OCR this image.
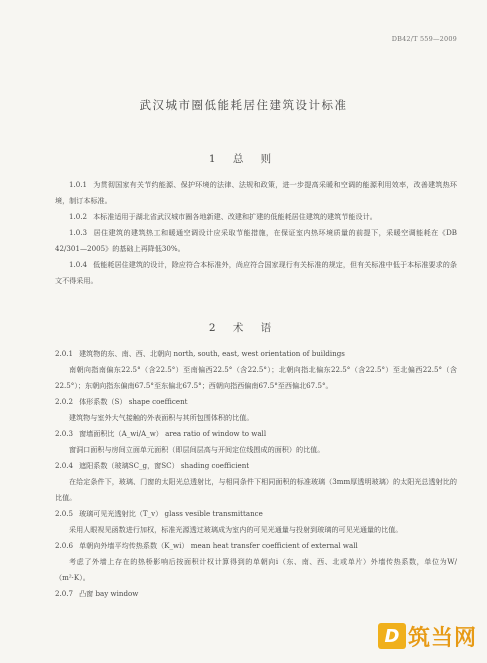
DB42/T 559—2009
武汉城市圈低能耗居住建筑设计标准
1 总 则

1.0.1 为贯彻国家有关节约能源、保护环境的法律、法规和政策，进一步提高采暖和空调的能源利用效率，改善建筑热环境，制订本标准。

1.0.2 本标准适用于湖北省武汉城市圈各地新建、改建和扩建的低能耗居住建筑的建筑节能设计。

1.0.3 居住建筑的建筑热工和暖通空调设计应采取节能措施，在保证室内热环境质量的前提下，采暖空调能耗在《DB 42/301—2005》的基础上再降低30%。

1.0.4 低能耗居住建筑的设计，除应符合本标准外，尚应符合国家现行有关标准的规定，但有关标准中低于本标准要求的条文不得采用。

2 术 语

2.0.1 建筑物的东、南、西、北朝向 north, south, east, west orientation of buildings

南朝向指南偏东22.5°（含22.5°）至南偏西22.5°（含22.5°）；北朝向指北偏东22.5°（含22.5°）至北偏西22.5°（含22.5°）；东朝向指东偏南67.5°至东偏北67.5°；西朝向指西偏南67.5°至西偏北67.5°。

2.0.2 体形系数（S） shape coefficent

建筑物与室外大气接触的外表面积与其所包围体积的比值。

2.0.3 窗墙面积比（A_wi/A_w） area ratio of window to wall

窗洞口面积与房间立面单元面积（即层间层高与开间定位线围成的面积）的比值。

2.0.4 遮阳系数（玻璃SC_g，窗SC） shading coefficient

在给定条件下，玻璃、门窗的太阳光总透射比，与相同条件下相同面积的标准玻璃（3mm厚透明玻璃）的太阳光总透射比的比值。

2.0.5 玻璃可见光透射比（T_v） glass vesible transmittance

采用人眼视见函数进行加权，标准光源透过玻璃成为室内的可见光通量与投射到玻璃的可见光通量的比值。

2.0.6 单朝向外墙平均传热系数（K_wi） mean heat transfer coefficient of external wall

考虑了外墙上存在的热桥影响后按面积计权计算得到的单朝向i（东、南、西、北或单片）外墙传热系数，单位为W/（m²·K）。

2.0.7 凸窗 bay window

D 筑当网
